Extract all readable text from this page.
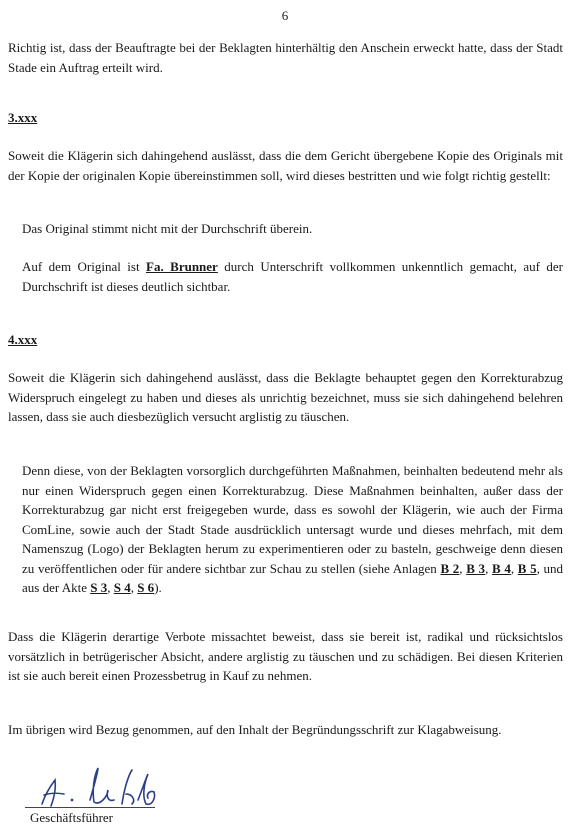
6
Richtig ist, dass der Beauftragte bei der Beklagten hinterhältig den Anschein erweckt hatte, dass der Stadt Stade ein Auftrag erteilt wird.
3.xxx
Soweit die Klägerin sich dahingehend auslässt, dass die dem Gericht übergebene Kopie des Originals mit der Kopie der originalen Kopie übereinstimmen soll, wird dieses bestritten und wie folgt richtig gestellt:
Das Original stimmt nicht mit der Durchschrift überein.
Auf dem Original ist Fa. Brunner durch Unterschrift vollkommen unkenntlich gemacht, auf der Durchschrift ist dieses deutlich sichtbar.
4.xxx
Soweit die Klägerin sich dahingehend auslässt, dass die Beklagte behauptet gegen den Korrekturabzug Widerspruch eingelegt zu haben und dieses als unrichtig bezeichnet, muss sie sich dahingehend belehren lassen, dass sie auch diesbezüglich versucht arglistig zu täuschen.
Denn diese, von der Beklagten vorsorglich durchgeführten Maßnahmen, beinhalten bedeutend mehr als nur einen Widerspruch gegen einen Korrekturabzug. Diese Maßnahmen beinhalten, außer dass der Korrekturabzug gar nicht erst freigegeben wurde, dass es sowohl der Klägerin, wie auch der Firma ComLine, sowie auch der Stadt Stade ausdrücklich untersagt wurde und dieses mehrfach, mit dem Namenszug (Logo) der Beklagten herum zu experimentieren oder zu basteln, geschweige denn diesen zu veröffentlichen oder für andere sichtbar zur Schau zu stellen (siehe Anlagen B 2, B 3, B 4, B 5, und aus der Akte S 3, S 4, S 6).
Dass die Klägerin derartige Verbote missachtet beweist, dass sie bereit ist, radikal und rücksichtslos vorsätzlich in betrügerischer Absicht, andere arglistig zu täuschen und zu schädigen. Bei diesen Kriterien ist sie auch bereit einen Prozessbetrug in Kauf zu nehmen.
Im übrigen wird Bezug genommen, auf den Inhalt der Begründungsschrift zur Klagabweisung.
Geschäftsführer
